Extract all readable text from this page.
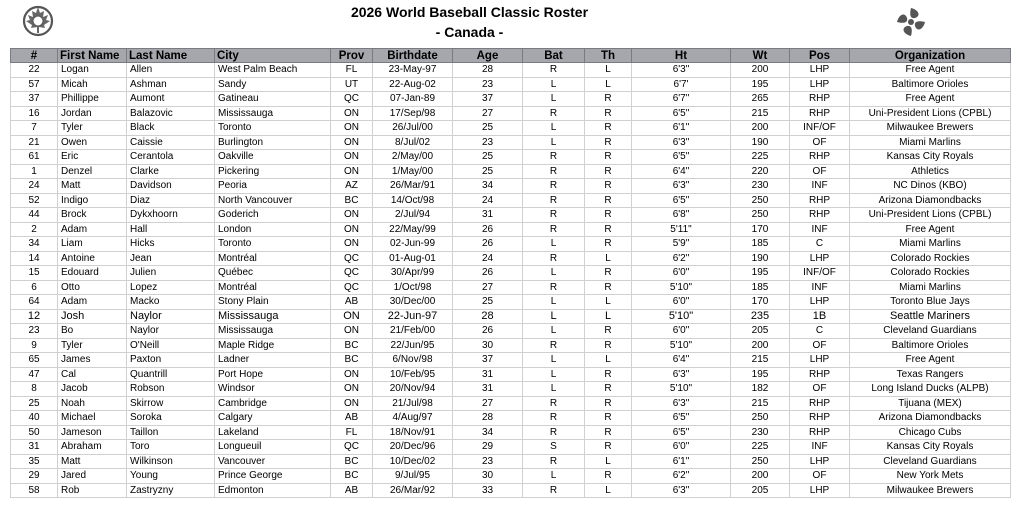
2026 World Baseball Classic Roster
- Canada -
#	First Name	Last Name	City	Prov	Birthdate	Age	Bat	Th	Ht	Wt	Pos	Organization
22	Logan	Allen	West Palm Beach	FL	23-May-97	28	R	L	6'3"	200	LHP	Free Agent
57	Micah	Ashman	Sandy	UT	22-Aug-02	23	L	L	6'7'	195	LHP	Baltimore Orioles
37	Phillippe	Aumont	Gatineau	QC	07-Jan-89	37	L	R	6'7"	265	RHP	Free Agent
16	Jordan	Balazovic	Mississauga	ON	17/Sep/98	27	R	R	6'5"	215	RHP	Uni-President Lions (CPBL)
7	Tyler	Black	Toronto	ON	26/Jul/00	25	L	R	6'1"	200	INF/OF	Milwaukee Brewers
21	Owen	Caissie	Burlington	ON	8/Jul/02	23	L	R	6'3"	190	OF	Miami Marlins
61	Eric	Cerantola	Oakville	ON	2/May/00	25	R	R	6'5"	225	RHP	Kansas City Royals
1	Denzel	Clarke	Pickering	ON	1/May/00	25	R	R	6'4"	220	OF	Athletics
24	Matt	Davidson	Peoria	AZ	26/Mar/91	34	R	R	6'3"	230	INF	NC Dinos (KBO)
52	Indigo	Diaz	North Vancouver	BC	14/Oct/98	24	R	R	6'5"	250	RHP	Arizona Diamondbacks
44	Brock	Dykxhoorn	Goderich	ON	2/Jul/94	31	R	R	6'8"	250	RHP	Uni-President Lions (CPBL)
2	Adam	Hall	London	ON	22/May/99	26	R	R	5'11"	170	INF	Free Agent
34	Liam	Hicks	Toronto	ON	02-Jun-99	26	L	R	5'9"	185	C	Miami Marlins
14	Antoine	Jean	Montréal	QC	01-Aug-01	24	R	L	6'2"	190	LHP	Colorado Rockies
15	Edouard	Julien	Québec	QC	30/Apr/99	26	L	R	6'0"	195	INF/OF	Colorado Rockies
6	Otto	Lopez	Montréal	QC	1/Oct/98	27	R	R	5'10"	185	INF	Miami Marlins
64	Adam	Macko	Stony Plain	AB	30/Dec/00	25	L	L	6'0"	170	LHP	Toronto Blue Jays
12	Josh	Naylor	Mississauga	ON	22-Jun-97	28	L	L	5'10"	235	1B	Seattle Mariners
23	Bo	Naylor	Mississauga	ON	21/Feb/00	26	L	R	6'0"	205	C	Cleveland Guardians
9	Tyler	O'Neill	Maple Ridge	BC	22/Jun/95	30	R	R	5'10"	200	OF	Baltimore Orioles
65	James	Paxton	Ladner	BC	6/Nov/98	37	L	L	6'4"	215	LHP	Free Agent
47	Cal	Quantrill	Port Hope	ON	10/Feb/95	31	L	R	6'3"	195	RHP	Texas Rangers
8	Jacob	Robson	Windsor	ON	20/Nov/94	31	L	R	5'10"	182	OF	Long Island Ducks (ALPB)
25	Noah	Skirrow	Cambridge	ON	21/Jul/98	27	R	R	6'3"	215	RHP	Tijuana (MEX)
40	Michael	Soroka	Calgary	AB	4/Aug/97	28	R	R	6'5"	250	RHP	Arizona Diamondbacks
50	Jameson	Taillon	Lakeland	FL	18/Nov/91	34	R	R	6'5"	230	RHP	Chicago Cubs
31	Abraham	Toro	Longueuil	QC	20/Dec/96	29	S	R	6'0"	225	INF	Kansas City Royals
35	Matt	Wilkinson	Vancouver	BC	10/Dec/02	23	R	L	6'1"	250	LHP	Cleveland Guardians
29	Jared	Young	Prince George	BC	9/Jul/95	30	L	R	6'2"	200	OF	New York Mets
58	Rob	Zastryzny	Edmonton	AB	26/Mar/92	33	R	L	6'3"	205	LHP	Milwaukee Brewers
